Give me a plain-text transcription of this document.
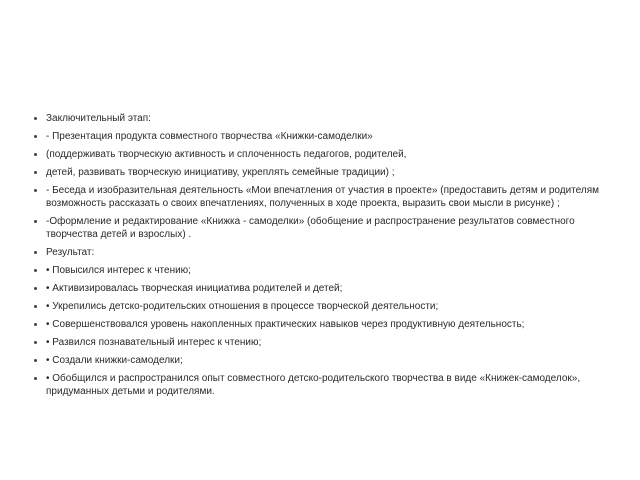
Заключительный этап:
- Презентация продукта совместного творчества «Книжки-самоделки»
(поддерживать творческую активность и сплоченность педагогов, родителей,
детей, развивать творческую инициативу, укреплять семейные традиции) ;
- Беседа и изобразительная деятельность «Мои впечатления от участия в проекте» (предоставить детям и родителям возможность рассказать о своих впечатлениях, полученных в ходе проекта, выразить свои мысли в рисунке) ;
-Оформление и редактирование «Книжка - самоделки» (обобщение и распространение результатов совместного творчества детей и взрослых) .
Результат:
• Повысился интерес к чтению;
• Активизировалась творческая инициатива родителей и детей;
• Укрепились детско-родительских отношения в процессе творческой деятельности;
• Совершенствовался уровень накопленных практических навыков через продуктивную деятельность;
• Развился познавательный интерес к чтению;
• Создали книжки-самоделки;
• Обобщился и распространился опыт совместного детско-родительского творчества в виде «Книжек-самоделок», придуманных детьми и родителями.
